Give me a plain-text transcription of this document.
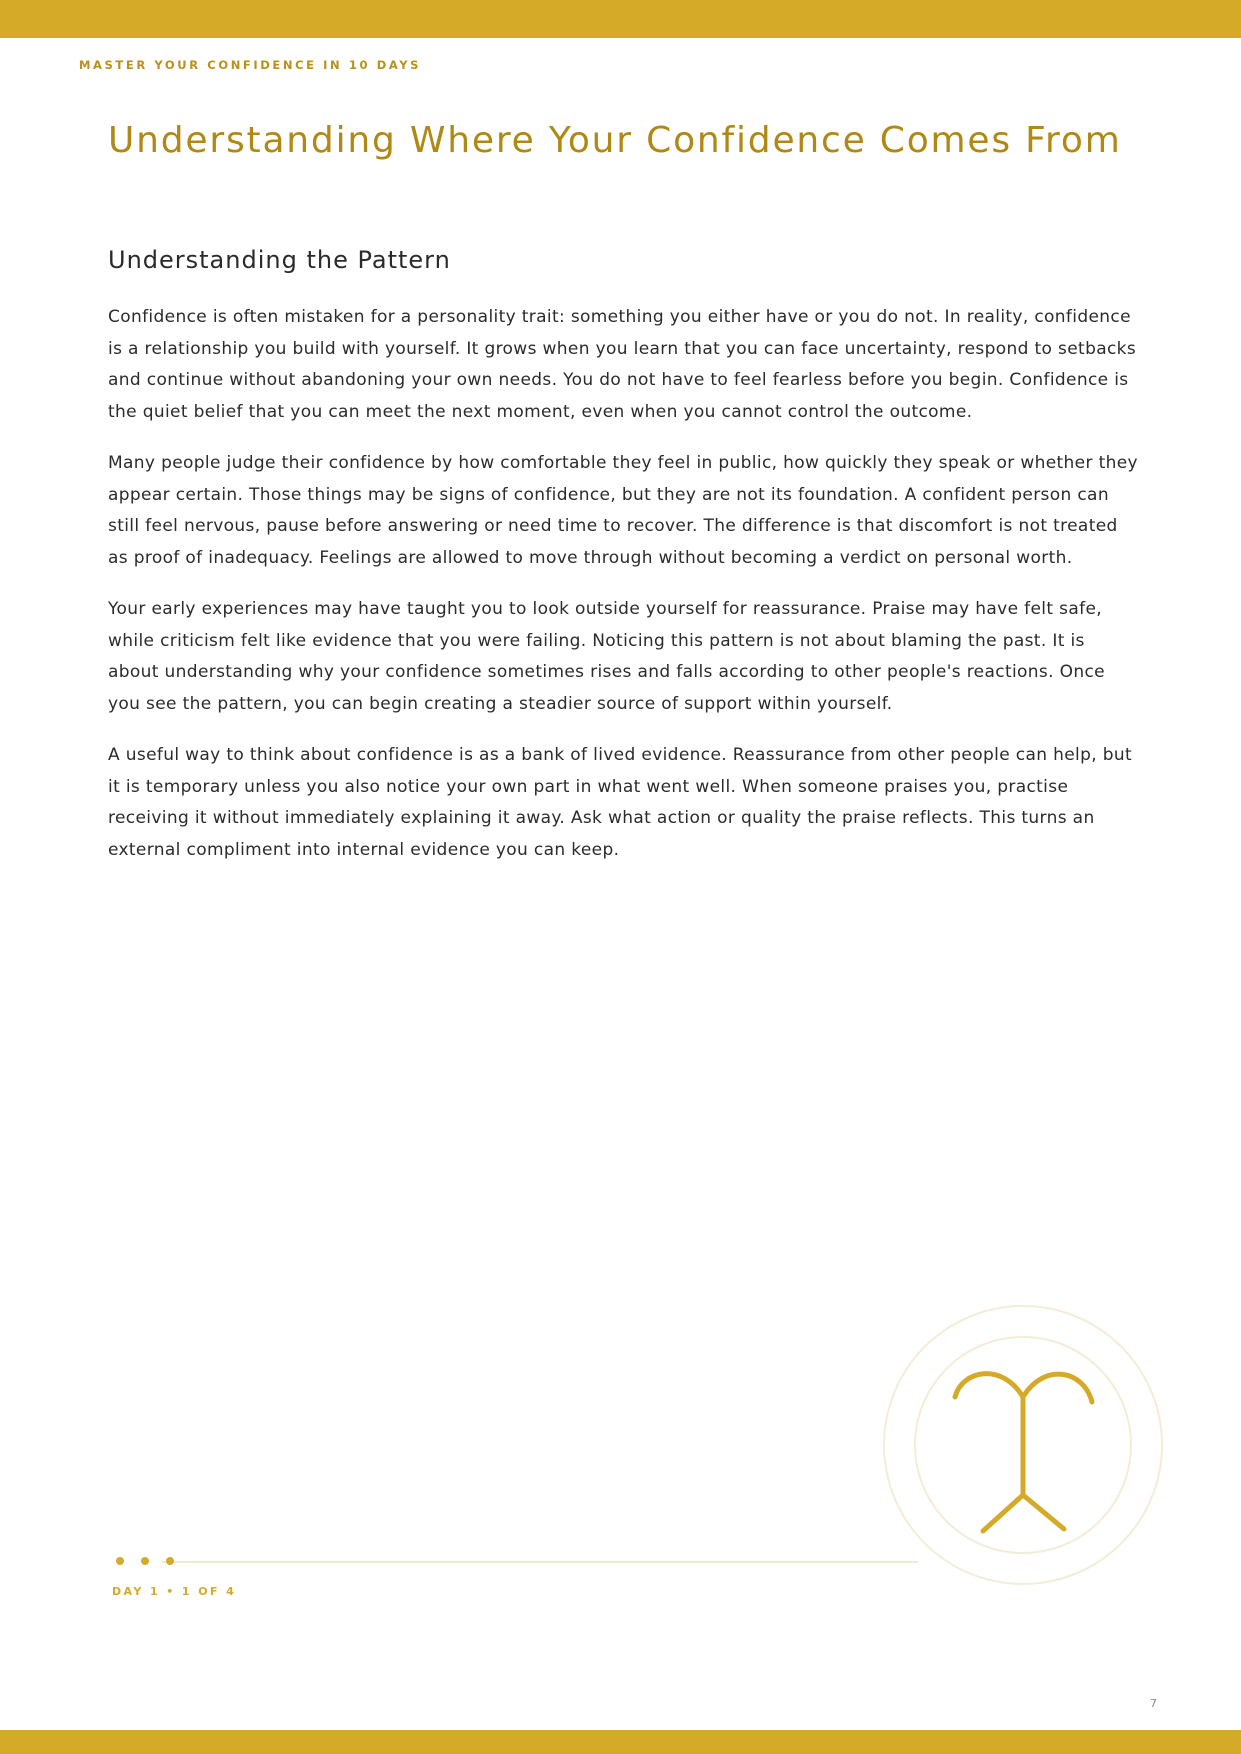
MASTER YOUR CONFIDENCE IN 10 DAYS
Understanding Where Your Confidence Comes From
Understanding the Pattern

Confidence is often mistaken for a personality trait: something you either have or you do not. In reality, confidence is a relationship you build with yourself. It grows when you learn that you can face uncertainty, respond to setbacks and continue without abandoning your own needs. You do not have to feel fearless before you begin. Confidence is the quiet belief that you can meet the next moment, even when you cannot control the outcome.

Many people judge their confidence by how comfortable they feel in public, how quickly they speak or whether they appear certain. Those things may be signs of confidence, but they are not its foundation. A confident person can still feel nervous, pause before answering or need time to recover. The difference is that discomfort is not treated as proof of inadequacy. Feelings are allowed to move through without becoming a verdict on personal worth.

Your early experiences may have taught you to look outside yourself for reassurance. Praise may have felt safe, while criticism felt like evidence that you were failing. Noticing this pattern is not about blaming the past. It is about understanding why your confidence sometimes rises and falls according to other people's reactions. Once you see the pattern, you can begin creating a steadier source of support within yourself.

A useful way to think about confidence is as a bank of lived evidence. Reassurance from other people can help, but it is temporary unless you also notice your own part in what went well. When someone praises you, practise receiving it without immediately explaining it away. Ask what action or quality the praise reflects. This turns an external compliment into internal evidence you can keep.

DAY 1 • 1 OF 4
7
